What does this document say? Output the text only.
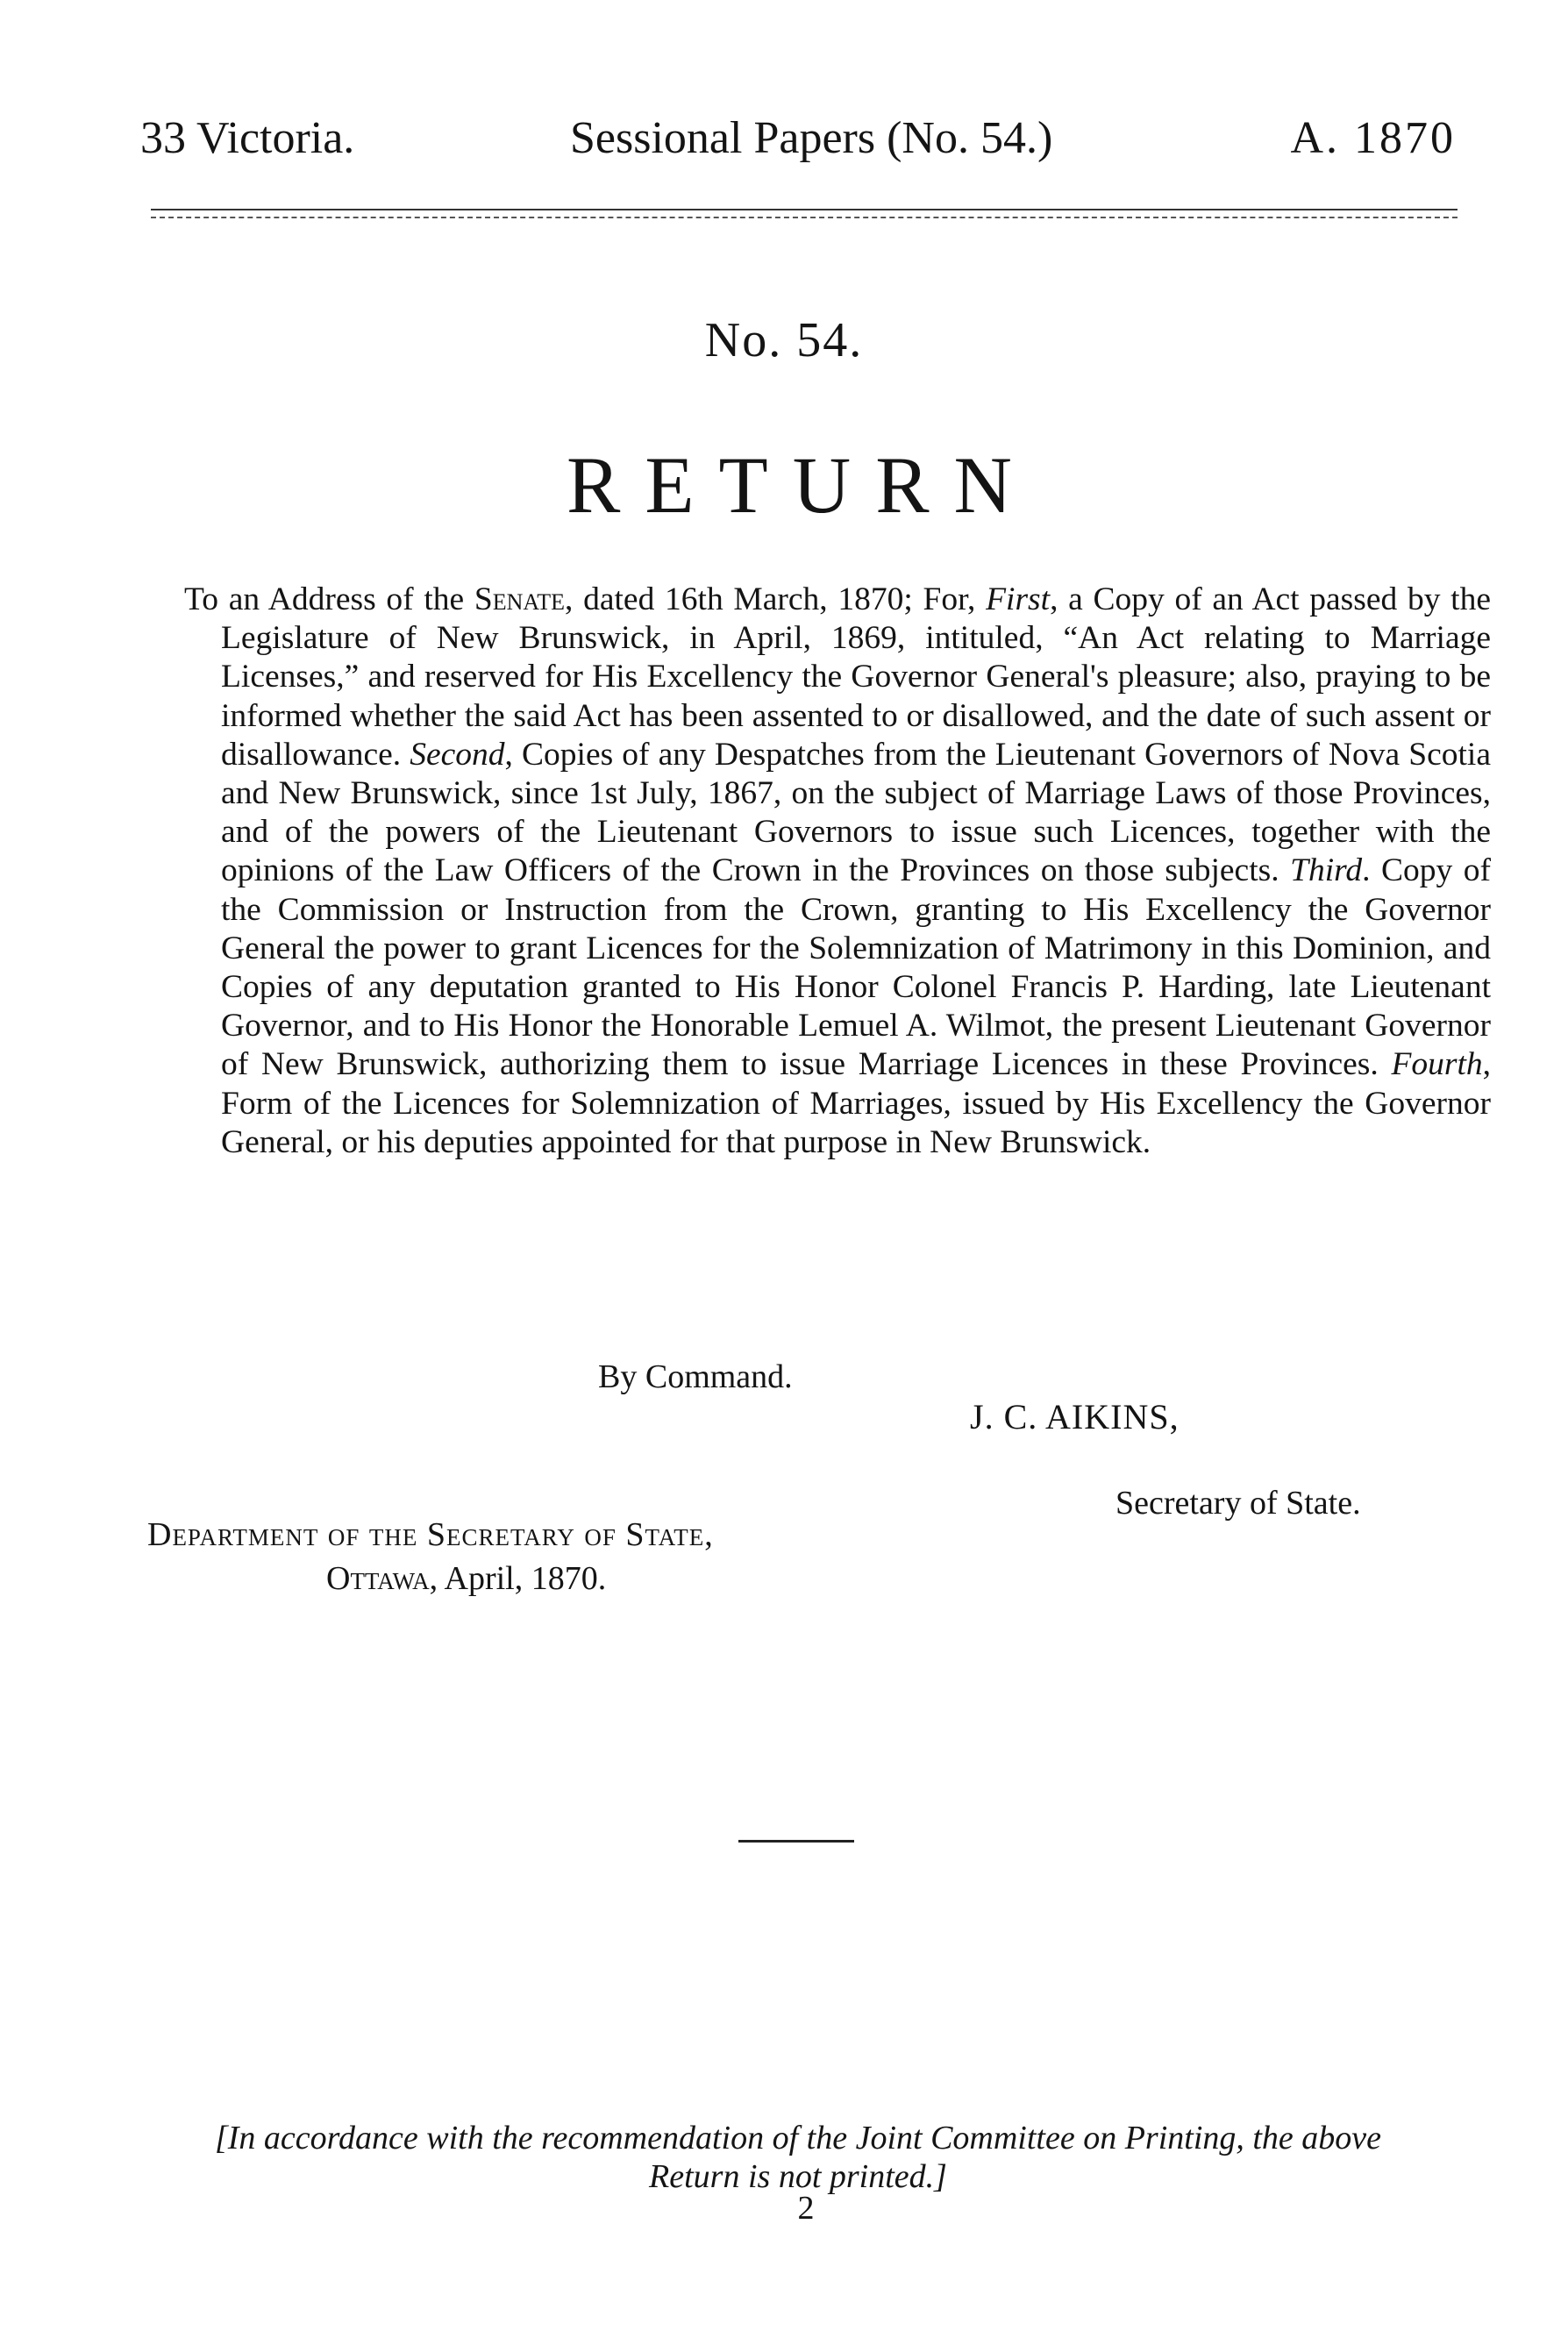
33 Victoria.	Sessional Papers (No. 54.)	A. 1870
No. 54.
RETURN
To an Address of the Senate, dated 16th March, 1870; For, First, a Copy of an Act passed by the Legislature of New Brunswick, in April, 1869, intituled, “An Act relating to Marriage Licenses,” and reserved for His Excellency the Governor General's pleasure; also, praying to be informed whether the said Act has been assented to or disallowed, and the date of such assent or disallowance. Second, Copies of any Despatches from the Lieutenant Governors of Nova Scotia and New Brunswick, since 1st July, 1867, on the subject of Marriage Laws of those Provinces, and of the powers of the Lieutenant Governors to issue such Licences, together with the opinions of the Law Officers of the Crown in the Provinces on those subjects. Third. Copy of the Commission or Instruction from the Crown, granting to His Excellency the Governor General the power to grant Licences for the Solemnization of Matrimony in this Dominion, and Copies of any deputation granted to His Honor Colonel Francis P. Harding, late Lieutenant Governor, and to His Honor the Honorable Lemuel A. Wilmot, the present Lieutenant Governor of New Brunswick, authorizing them to issue Marriage Licences in these Provinces. Fourth, Form of the Licences for Solemnization of Marriages, issued by His Excellency the Governor General, or his deputies appointed for that purpose in New Brunswick.
By Command.
J. C. AIKINS,
Secretary of State.
Department of the Secretary of State,
Ottawa, April, 1870.
[In accordance with the recommendation of the Joint Committee on Printing, the above
Return is not printed.]
2
